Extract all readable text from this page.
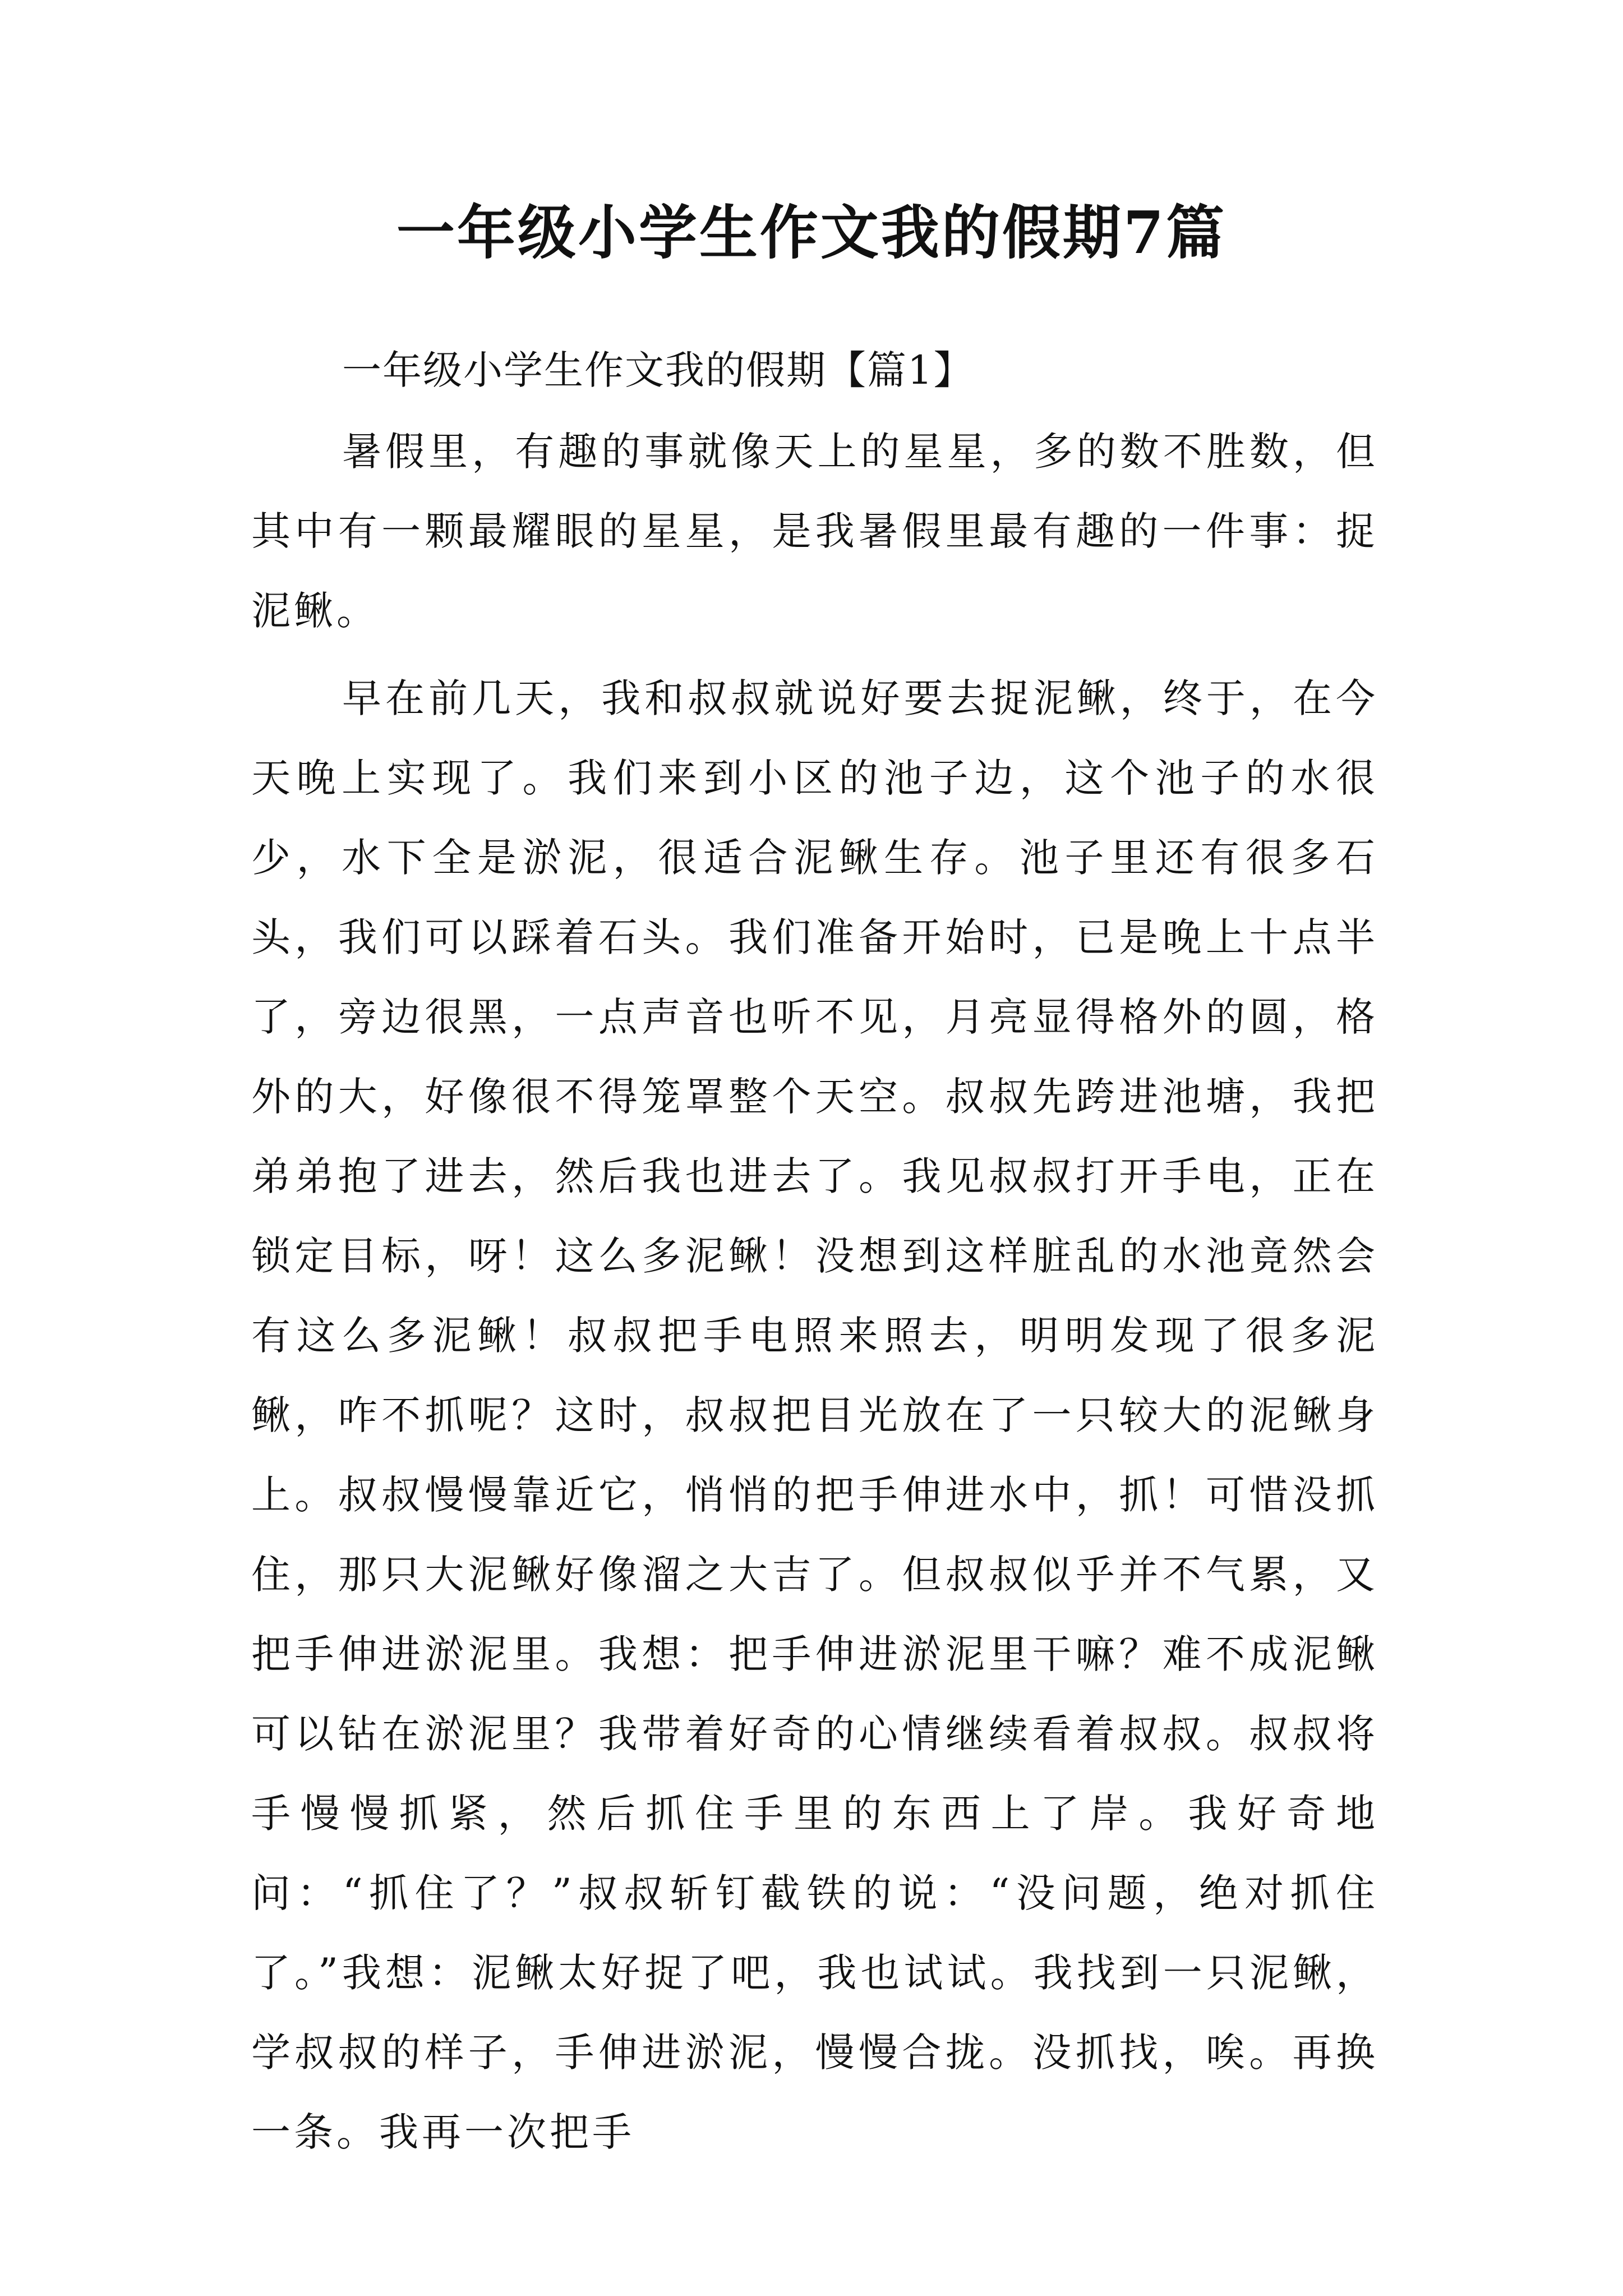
一年级小学生作文我的假期7篇
一年级小学生作文我的假期【篇1】

暑假里，有趣的事就像天上的星星，多的数不胜数，但其中有一颗最耀眼的星星，是我暑假里最有趣的一件事：捉泥鳅。

早在前几天，我和叔叔就说好要去捉泥鳅，终于，在今天晚上实现了。我们来到小区的池子边，这个池子的水很少，水下全是淤泥，很适合泥鳅生存。池子里还有很多石头，我们可以踩着石头。我们准备开始时，已是晚上十点半了，旁边很黑，一点声音也听不见，月亮显得格外的圆，格外的大，好像很不得笼罩整个天空。叔叔先跨进池塘，我把弟弟抱了进去，然后我也进去了。我见叔叔打开手电，正在锁定目标，呀！这么多泥鳅！没想到这样脏乱的水池竟然会有这么多泥鳅！叔叔把手电照来照去，明明发现了很多泥鳅，咋不抓呢？这时，叔叔把目光放在了一只较大的泥鳅身上。叔叔慢慢靠近它，悄悄的把手伸进水中，抓！可惜没抓住，那只大泥鳅好像溜之大吉了。但叔叔似乎并不气累，又把手伸进淤泥里。我想：把手伸进淤泥里干嘛？难不成泥鳅可以钻在淤泥里？我带着好奇的心情继续看着叔叔。叔叔将手慢慢抓紧，然后抓住手里的东西上了岸。我好奇地问：“抓住了？”叔叔斩钉截铁的说：“没问题，绝对抓住了。”我想：泥鳅太好捉了吧，我也试试。我找到一只泥鳅，学叔叔的样子，手伸进淤泥，慢慢合拢。没抓找，唉。再换一条。我再一次把手
